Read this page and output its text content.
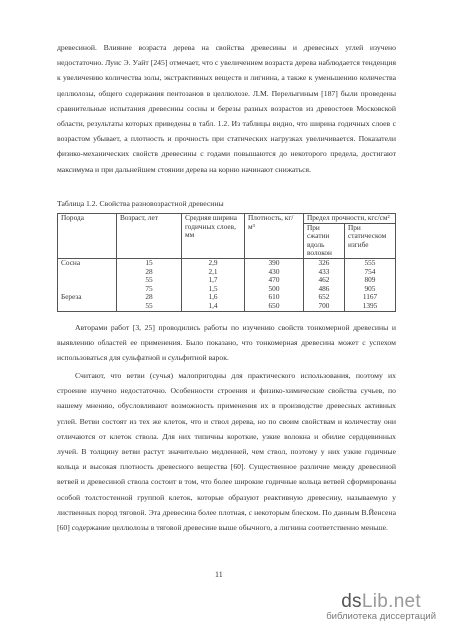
древесиной. Влияние возраста дерева на свойства древесины и древесных углей изучено недостаточно. Луис Э. Уайт [245] отмечает, что с увеличением возраста дерева наблюдается тенденция к увеличению количества золы, экстрактивных веществ и лигнина, а также к уменьшению количества целлюлозы, общего содержания пентозанов в целлюлозе. Л.М. Перелыгиным [187] были проведены сравнительные испытания древесины сосны и березы разных возрастов из древостоев Московской области, результаты которых приведены в табл. 1.2. Из таблицы видно, что ширина годичных слоев с возрастом убывает, а плотность и прочность при статических нагрузках увеличивается. Показатели физико-механических свойств древесины с годами повышаются до некоторого предела, достигают максимума и при дальнейшем стоянии дерева на корню начинают снижаться.

Таблица 1.2. Свойства разновозрастной древесины
Порода	Возраст, лет	Средняя ширина годичных слоев, мм	Плотность, кг/м³	Предел прочности, кгс/см²	
				При сжатии вдоль волокон	При статическом изгибе
Сосна	15	2,9	390	326	555
	28	2,1	430	433	754
	55	1,7	470	462	809
	75	1,5	500	486	905
Береза	28	1,6	610	652	1167
	55	1,4	650	700	1395

Авторами работ [3, 25] проводились работы по изучению свойств тонкомерной древесины и выявлению областей ее применения. Было показано, что тонкомерная древесина может с успехом использоваться для сульфатной и сульфитной варок.

Считают, что ветви (сучья) малопригодны для практического использования, поэтому их строение изучено недостаточно. Особенности строения и физико-химические свойства сучьев, по нашему мнению, обусловливают возможность применения их в производстве древесных активных углей. Ветви состоят из тех же клеток, что и ствол дерева, но по своим свойствам и количеству они отличаются от клеток ствола. Для них типичны короткие, узкие волокна и обилие сердцевинных лучей. В толщину ветви растут значительно медленней, чем ствол, поэтому у них узкие годичные кольца и высокая плотность древесного вещества [60]. Существенное различие между древесиной ветвей и древесиной ствола состоит в том, что более широкие годичные кольца ветвей сформированы особой толстостенной группой клеток, которые образуют реактивную древесину, называемую у лиственных пород тяговой. Эта древесина более плотная, с некоторым блеском. По данным В.Йенсена [60] содержание целлюлозы в тяговой древесине выше обычного, а лигнина соответственно меньше.

11
dsLib.net
библиотека диссертаций
